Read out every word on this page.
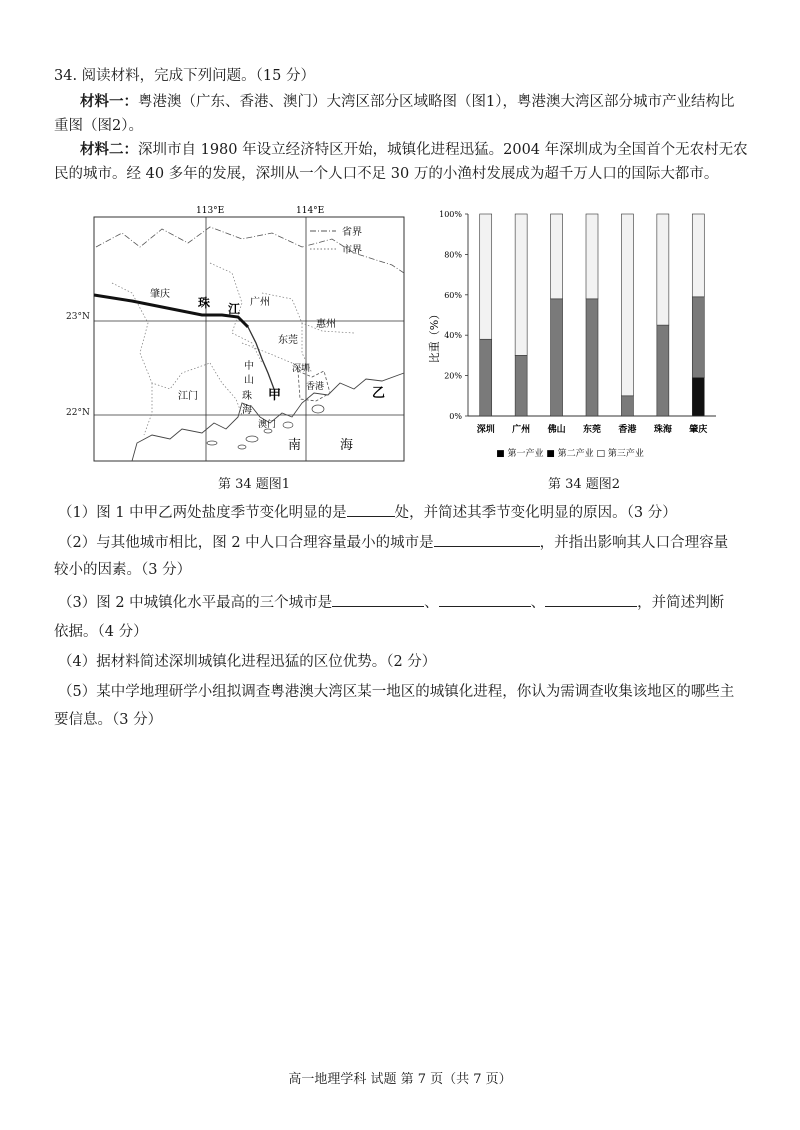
34. 阅读材料，完成下列问题。（15 分）
材料一：粤港澳（广东、香港、澳门）大湾区部分区域略图（图1），粤港澳大湾区部分城市产业结构比
重图（图2）。
材料二：深圳市自 1980 年设立经济特区开始，城镇化进程迅猛。2004 年深圳成为全国首个无农村无农
民的城市。经 40 多年的发展，深圳从一个人口不足 30 万的小渔村发展成为超千万人口的国际大都市。
省界
市界
113°E	114°E
肇庆
珠 江 广州
惠州
东莞
中
山
深圳
珠
海
江门	甲	乙
澳门
香港
南	海
23°N
22°N
第 34 题图1
0%
20%
40%
60%
80%
100%
深圳 广州 佛山 东莞 香港 珠海 肇庆
比重（%）
■ 第一产业 ■ 第二产业 □ 第三产业
第 34 题图2
（1）图 1 中甲乙两处盐度季节变化明显的是	处，并简述其季节变化明显的原因。（3 分）
（2）与其他城市相比，图 2 中人口合理容量最小的城市是	，并指出影响其人口合理容量
较小的因素。（3 分）
（3）图 2 中城镇化水平最高的三个城市是	、	、	，并简述判断
依据。（4 分）
（4）据材料简述深圳城镇化进程迅猛的区位优势。（2 分）
（5）某中学地理研学小组拟调查粤港澳大湾区某一地区的城镇化进程，你认为需调查收集该地区的哪些主
要信息。（3 分）
高一地理学科 试题 第 7 页（共 7 页）
